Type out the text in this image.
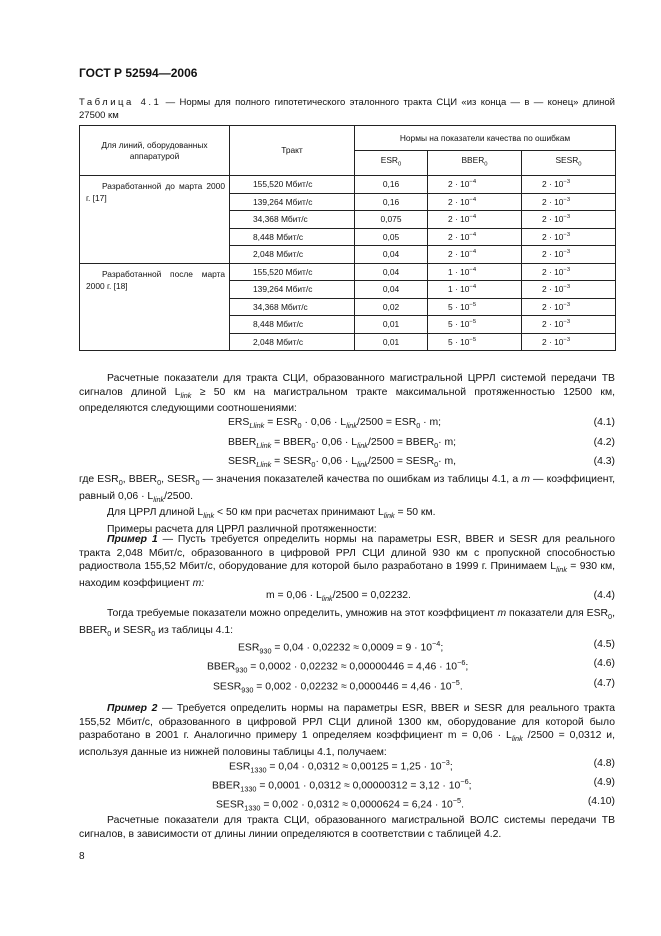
ГОСТ Р 52594—2006
Таблица 4.1 — Нормы для полного гипотетического эталонного тракта СЦИ «из конца — в — конец» длиной 27500 км
Для линий, оборудованных аппаратурой	Тракт	Нормы на показатели качества по ошибкам		
		$ESR_0$	$BBER_0$	$SESR_0$
Разработанной до марта 2000 г. [17]	155,520 Мбит/с	0,16	$2 \cdot 10^{-4}$	$2 \cdot 10^{-3}$
	139,264 Мбит/с	0,16	$2 \cdot 10^{-4}$	$2 \cdot 10^{-3}$
	34,368 Мбит/с	0,075	$2 \cdot 10^{-4}$	$2 \cdot 10^{-3}$
	8,448 Мбит/с	0,05	$2 \cdot 10^{-4}$	$2 \cdot 10^{-3}$
	2,048 Мбит/с	0,04	$2 \cdot 10^{-4}$	$2 \cdot 10^{-3}$
Разработанной после марта 2000 г. [18]	155,520 Мбит/с	0,04	$1 \cdot 10^{-4}$	$2 \cdot 10^{-3}$
	139,264 Мбит/с	0,04	$1 \cdot 10^{-4}$	$2 \cdot 10^{-3}$
	34,368 Мбит/с	0,02	$5 \cdot 10^{-5}$	$2 \cdot 10^{-3}$
	8,448 Мбит/с	0,01	$5 \cdot 10^{-5}$	$2 \cdot 10^{-3}$
	2,048 Мбит/с	0,01	$5 \cdot 10^{-5}$	$2 \cdot 10^{-3}$

Расчетные показатели для тракта СЦИ, образованного магистральной ЦРРЛ системой передачи ТВ сигналов длиной $L_{link} \ge 50$ км на магистральном тракте максимальной протяженностью 12500 км, определяются следующими соотношениями:

$ERS_{Llink} = ESR_0 \cdot 0,06 \cdot L_{link}/2500 = ESR_0 \cdot m$;	(4.1)
$BBER_{Llink}$ = $BBER_0\cdot 0,06 \cdot L_{link}/2500$ = $BBER_0\cdot m$;	(4.2)
$SESR_{Llink}$ = $SESR_0\cdot 0,06 \cdot L_{link}/2500$ = $SESR_0\cdot m$,	(4.3)

где $ESR_0$, $BBER_0$, $SESR_0$ — значения показателей качества по ошибкам из таблицы 4.1, a m — коэффициент, равный $0,06 \cdot L_{link}/2500$.

Для ЦРРЛ длиной $L_{link} < 50$ км при расчетах принимают $L_{link} = 50$ км.

Примеры расчета для ЦРРЛ различной протяженности:

Пример 1 — Пусть требуется определить нормы на параметры ESR, BBER и SESR для реального тракта 2,048 Мбит/с, образованного в цифровой РРЛ СЦИ длиной 930 км с пропускной способностью радиоствола 155,52 Мбит/с, оборудование для которой было разработано в 1999 г. Принимаем $L_{link} = 930$ км, находим коэффициент m:

$m = 0,06 \cdot L_{link}/2500 = 0,02232$.	(4.4)

Тогда требуемые показатели можно определить, умножив на этот коэффициент m показатели для $ESR_0$, $BBER_0$ и $SESR_0$ из таблицы 4.1:

$ESR_{930} = 0,04 \cdot 0,02232 \approx 0,0009 = 9 \cdot 10^{-4}$;	(4.5)
$BBER_{930} = 0,0002 \cdot 0,02232 \approx 0,00000446 = 4,46 \cdot 10^{-6}$;	(4.6)
$SESR_{930} = 0,002 \cdot 0,02232 \approx 0,0000446 = 4,46 \cdot 10^{-5}$.	(4.7)

Пример 2 — Требуется определить нормы на параметры ESR, BBER и SESR для реального тракта 155,52 Мбит/с, образованного в цифровой РРЛ СЦИ длиной 1300 км, оборудование для которой было разработано в 2001 г. Аналогично примеру 1 определяем коэффициент $m = 0,06 \cdot L_{link}$ /2500 = 0,0312 и, используя данные из нижней половины таблицы 4.1, получаем:

$ESR_{1330} = 0,04 \cdot 0,0312 \approx 0,00125 = 1,25 \cdot 10^{-3}$;	(4.8)
$BBER_{1330} = 0,0001 \cdot 0,0312 \approx 0,00000312 = 3,12 \cdot 10^{-6}$;	(4.9)
$SESR_{1330} = 0,002 \cdot 0,0312 \approx 0,0000624 = 6,24 \cdot 10^{-5}$.	(4.10)

Расчетные показатели для тракта СЦИ, образованного магистральной ВОЛС системы передачи ТВ сигналов, в зависимости от длины линии определяются в соответствии с таблицей 4.2.

8
